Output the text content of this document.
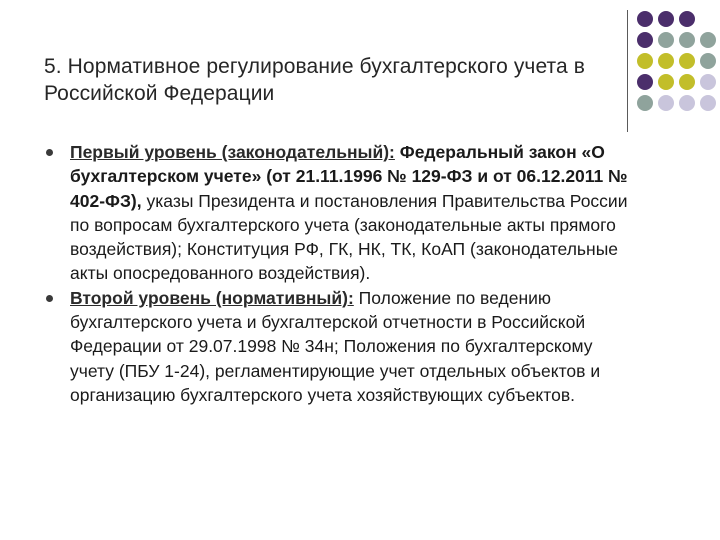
5. Нормативное регулирование бухгалтерского учета в Российской Федерации
Первый уровень (законодательный): Федеральный закон «О бухгалтерском учете» (от 21.11.1996 № 129-ФЗ и от 06.12.2011 № 402-ФЗ), указы Президента и постановления Правительства России по вопросам бухгалтерского учета (законодательные акты прямого воздействия); Конституция РФ, ГК, НК, ТК, КоАП (законодательные акты опосредованного воздействия).
Второй уровень (нормативный): Положение по ведению бухгалтерского учета и бухгалтерской отчетности в Российской Федерации от 29.07.1998 № 34н; Положения по бухгалтерскому учету (ПБУ 1-24), регламентирующие учет отдельных объектов и организацию бухгалтерского учета хозяйствующих субъектов.
